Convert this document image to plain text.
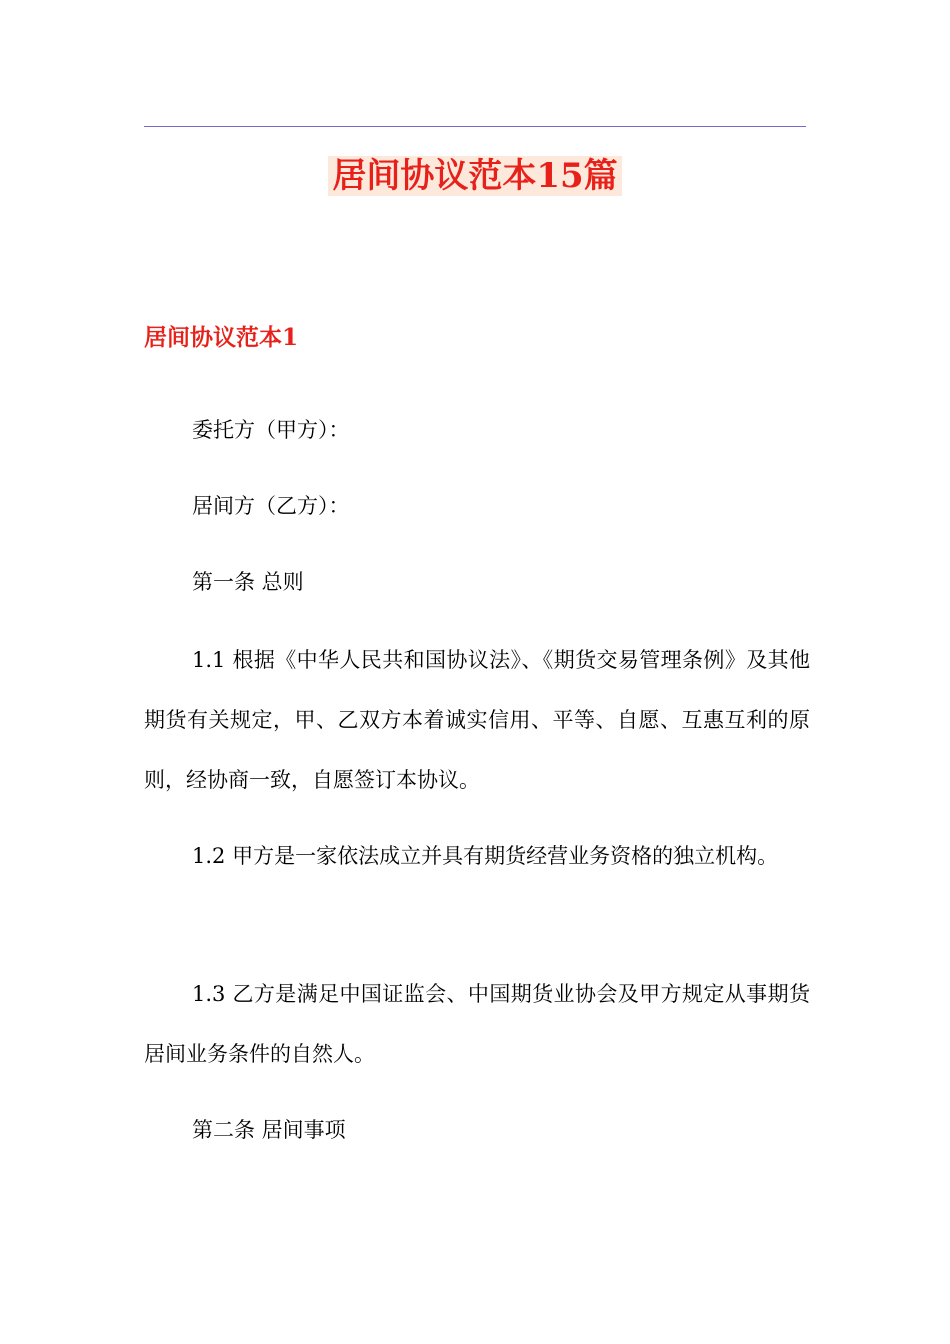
居间协议范本15篇
居间协议范本1

委托方（甲方）：

居间方（乙方）：

第一条 总则

1.1 根据《中华人民共和国协议法》、《期货交易管理条例》及其他期货有关规定，甲、乙双方本着诚实信用、平等、自愿、互惠互利的原则，经协商一致，自愿签订本协议。

1.2 甲方是一家依法成立并具有期货经营业务资格的独立机构。

1.3 乙方是满足中国证监会、中国期货业协会及甲方规定从事期货居间业务条件的自然人。

第二条 居间事项
